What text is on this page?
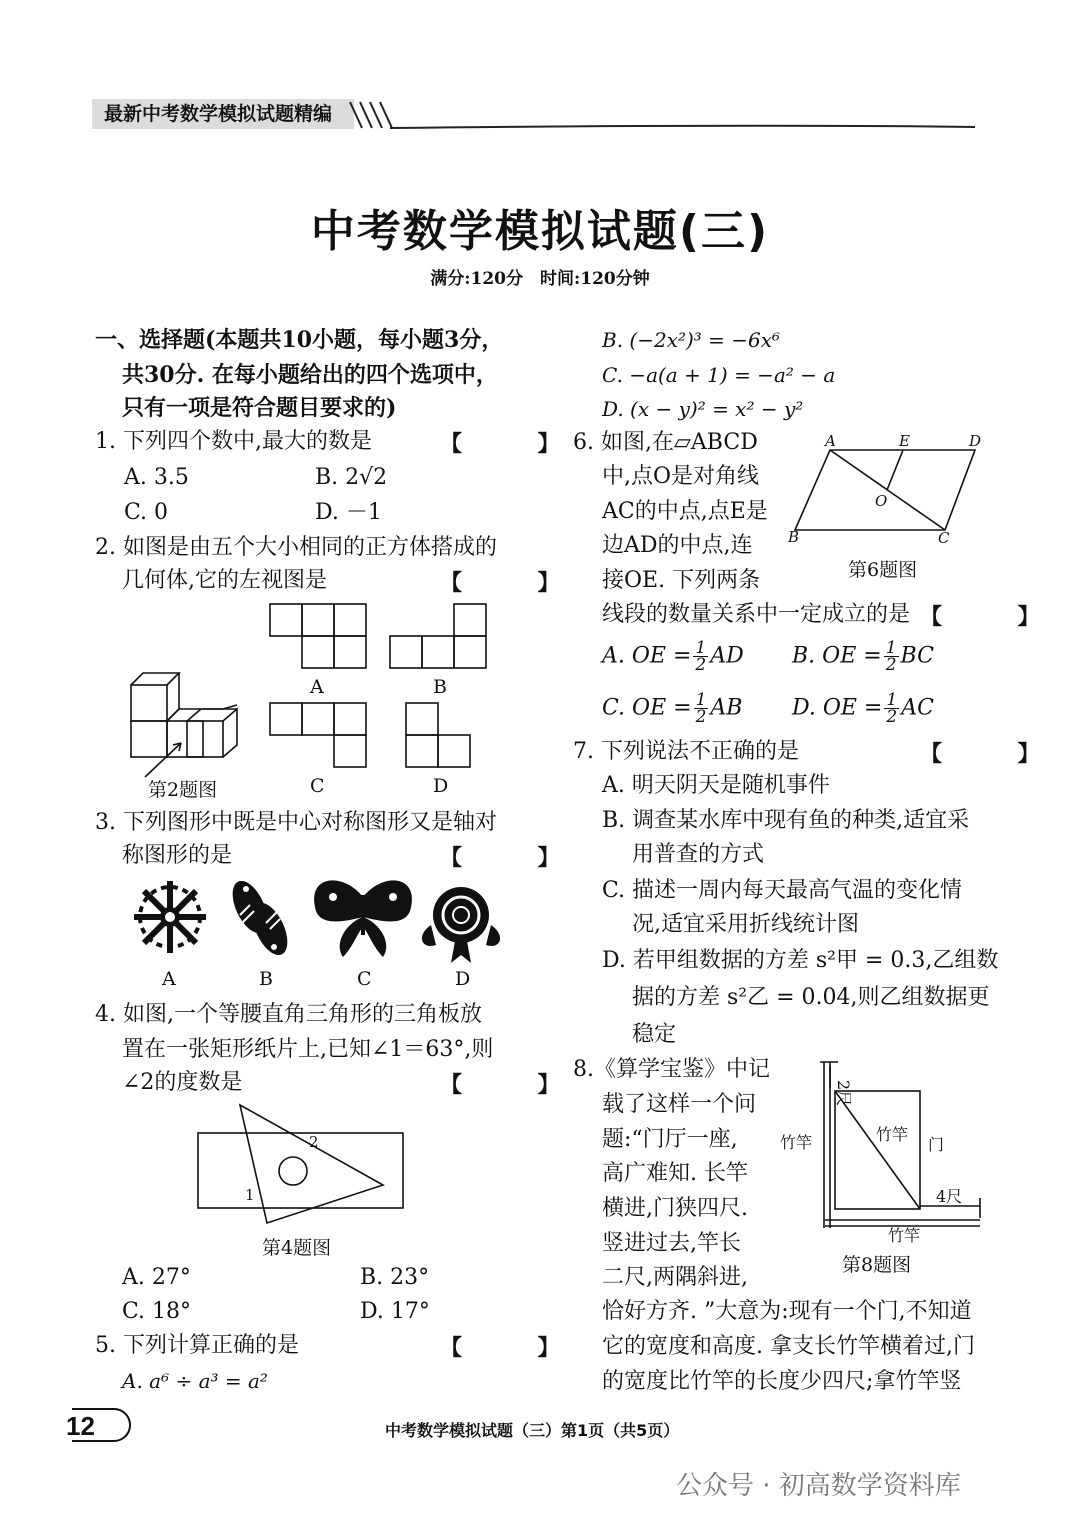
最新中考数学模拟试题精编
中考数学模拟试题(三)
满分:120分　时间:120分钟
一、选择题(本题共10小题，每小题3分，
共30分. 在每小题给出的四个选项中，
只有一项是符合题目要求的)
1. 下列四个数中,最大的数是	【 】
A. 3.5	B. 2√2
C. 0	D. －1
2. 如图是由五个大小相同的正方体搭成的
几何体,它的左视图是	【 】
第2题图
A	B
C	D
3. 下列图形中既是中心对称图形又是轴对
称图形的是	【 】
A	B	C	D
4. 如图,一个等腰直角三角形的三角板放
置在一张矩形纸片上,已知∠1＝63°,则
∠2的度数是	【 】
2
1
第4题图
A. 27°	B. 23°
C. 18°	D. 17°
5. 下列计算正确的是	【 】
A. a⁶ ÷ a³ = a²
B. (−2x²)³ = −6x⁶
C. −a(a + 1) = −a² − a
D. (x − y)² = x² − y²
6. 如图,在▱ABCD
中,点O是对角线
AC的中点,点E是
边AD的中点,连
接OE. 下列两条
线段的数量关系中一定成立的是 【 】
A	E	D
O
B	C
第6题图
A. OE = $\frac{1}{2}$ AD B. OE = $\frac{1}{2}$ BC
C. OE = $\frac{1}{2}$ AB D. OE = $\frac{1}{2}$ AC
7. 下列说法不正确的是	【 】
A. 明天阴天是随机事件
B. 调查某水库中现有鱼的种类,适宜采
用普查的方式
C. 描述一周内每天最高气温的变化情
况,适宜采用折线统计图
D. 若甲组数据的方差 s²甲 = 0.3,乙组数
据的方差 s²乙 = 0.04,则乙组数据更
稳定
8.《算学宝鉴》中记
载了这样一个问
题:“门厅一座,
高广难知. 长竿
横进,门狭四尺.
竖进过去,竿长
二尺,两隅斜进,
恰好方齐. ”大意为:现有一个门,不知道
它的宽度和高度. 拿支长竹竿横着过,门
的宽度比竹竿的长度少四尺;拿竹竿竖
2尺
竹竿	竹竿
门
4尺
竹竿
第8题图
12	中考数学模拟试题（三）第1页（共5页）
公众号 · 初高数学资料库
